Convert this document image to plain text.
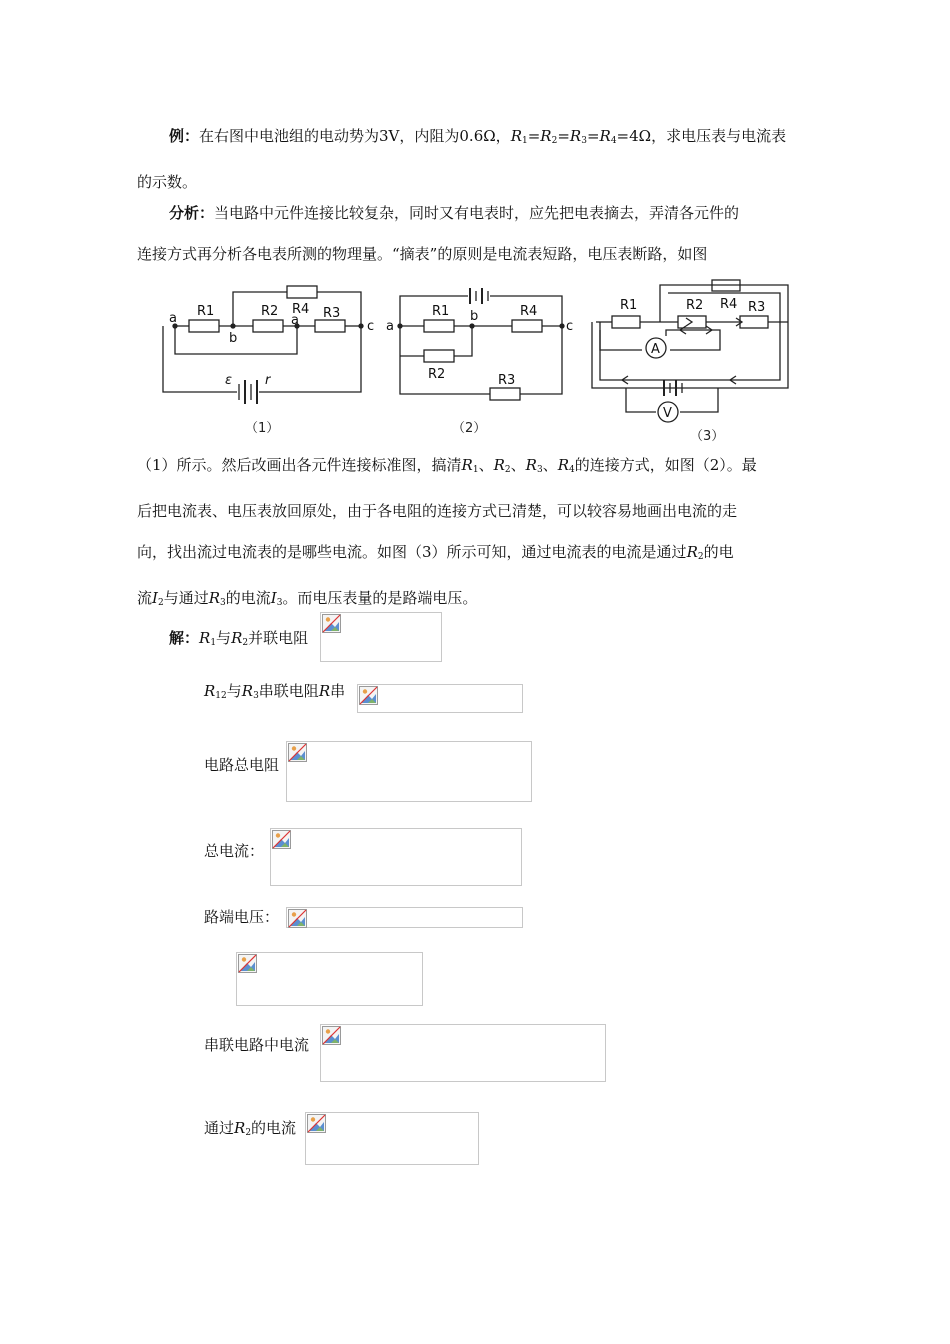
例：在右图中电池组的电动势为3V，内阻为0.6Ω，$R_1=R_2=R_3=R_4=4\Omega$，求电压表与电流表
的示数。
分析：当电路中元件连接比较复杂，同时又有电表时，应先把电表摘去，弄清各元件的
连接方式再分析各电表所测的物理量。“摘表”的原则是电流表短路，电压表断路，如图
a R1	R2 R4
a R3
c
b
ε	r
（1）
a
R1 b	R4
c
R2	R3
（2）
R1	R2 R4 R3
A
V
（3）
（1）所示。然后改画出各元件连接标准图，搞清$R_1$、$R_2$、$R_3$、$R_4$的连接方式，如图（2）。最
后把电流表、电压表放回原处，由于各电阻的连接方式已清楚，可以较容易地画出电流的走
向，找出流过电流表的是哪些电流。如图（3）所示可知，通过电流表的电流是通过$R_2$的电
流$I_2$与通过$R_3$的电流$I_3$。而电压表量的是路端电压。
解：$R_1$与$R_2$并联电阻
$R_{12}$与$R_3$串联电阻R串
电路总电阻
总电流：
路端电压：
串联电路中电流
通过$R_2$的电流
